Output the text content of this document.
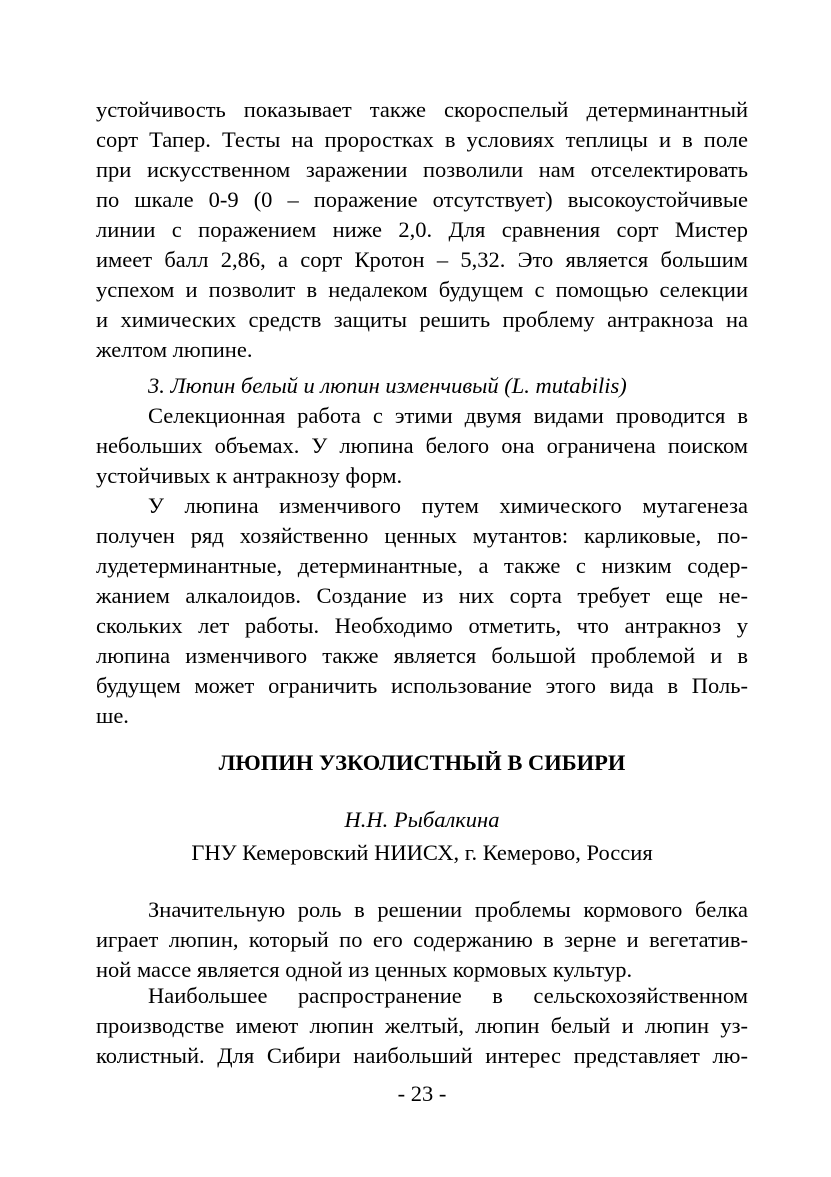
устойчивость показывает также скороспелый детерминантный
сорт Тапер. Тесты на проростках в условиях теплицы и в поле
при искусственном заражении позволили нам отселектировать
по шкале 0-9 (0 – поражение отсутствует) высокоустойчивые
линии с поражением ниже 2,0. Для сравнения сорт Мистер
имеет балл 2,86, а сорт Кротон – 5,32. Это является большим
успехом и позволит в недалеком будущем с помощью селекции
и химических средств защиты решить проблему антракноза на
желтом люпине.
3. Люпин белый и люпин изменчивый (L. mutabilis)
Селекционная работа с этими двумя видами проводится в
небольших объемах. У люпина белого она ограничена поиском
устойчивых к антракнозу форм.
У люпина изменчивого путем химического мутагенеза
получен ряд хозяйственно ценных мутантов: карликовые, по-
лудетерминантные, детерминантные, а также с низким содер-
жанием алкалоидов. Создание из них сорта требует еще не-
скольких лет работы. Необходимо отметить, что антракноз у
люпина изменчивого также является большой проблемой и в
будущем может ограничить использование этого вида в Поль-
ше.
ЛЮПИН УЗКОЛИСТНЫЙ В СИБИРИ
Н.Н. Рыбалкина
ГНУ Кемеровский НИИСХ, г. Кемерово, Россия
Значительную роль в решении проблемы кормового белка
играет люпин, который по его содержанию в зерне и вегетатив-
ной массе является одной из ценных кормовых культур.
Наибольшее распространение в сельскохозяйственном
производстве имеют люпин желтый, люпин белый и люпин уз-
колистный. Для Сибири наибольший интерес представляет лю-
- 23 -
